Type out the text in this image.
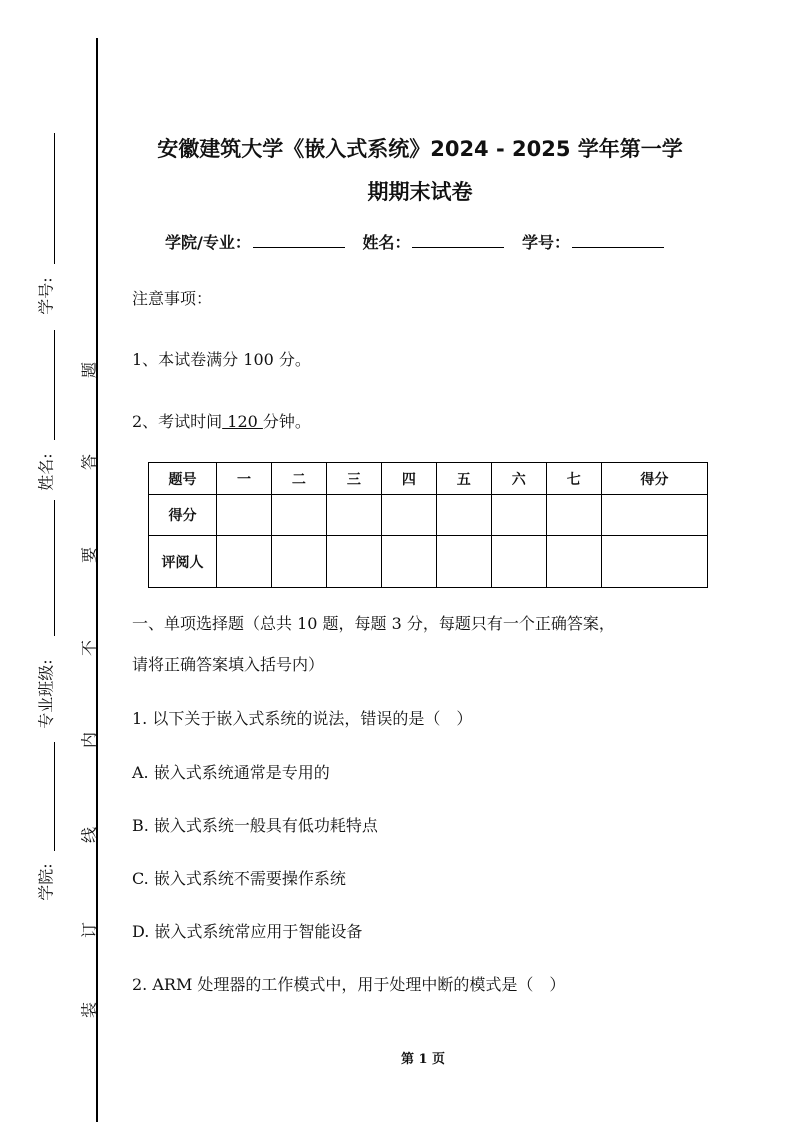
学号:
姓名:
专业班级:
学院:
题
答
要
不
内
线
订
装
安徽建筑大学《嵌入式系统》2024 - 2025 学年第一学
期期末试卷
学院/专业：	姓名：	学号：
注意事项：
1、本试卷满分 100 分。
2、考试时间 120 分钟。
题号	一	二	三	四	五	六	七	得分
得分								
评阅人								
一、单项选择题（总共 10 题，每题 3 分，每题只有一个正确答案，
请将正确答案填入括号内）
1. 以下关于嵌入式系统的说法，错误的是（　）
A. 嵌入式系统通常是专用的
B. 嵌入式系统一般具有低功耗特点
C. 嵌入式系统不需要操作系统
D. 嵌入式系统常应用于智能设备
2. ARM 处理器的工作模式中，用于处理中断的模式是（　）
第 1 页
